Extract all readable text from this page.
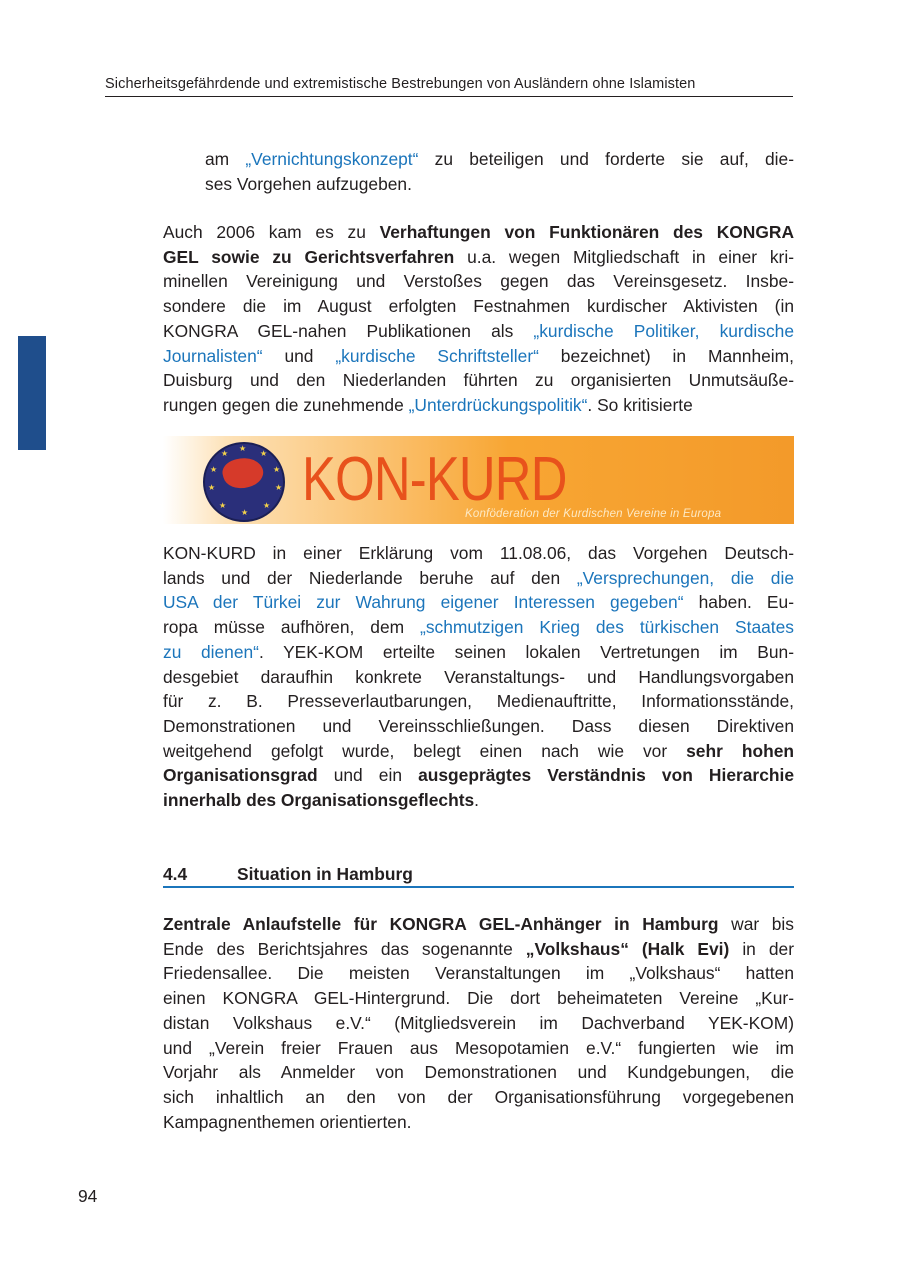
Sicherheitsgefährdende und extremistische Bestrebungen von Ausländern ohne Islamisten
am „Vernichtungskonzept“ zu beteiligen und forderte sie auf, die-
ses Vorgehen aufzugeben.
Auch 2006 kam es zu Verhaftungen von Funktionären des KONGRA
GEL sowie zu Gerichtsverfahren u.a. wegen Mitgliedschaft in einer kri-
minellen Vereinigung und Verstoßes gegen das Vereinsgesetz. Insbe-
sondere die im August erfolgten Festnahmen kurdischer Aktivisten (in
KONGRA GEL-nahen Publikationen als „kurdische Politiker, kurdische
Journalisten“ und „kurdische Schriftsteller“ bezeichnet) in Mannheim,
Duisburg und den Niederlanden führten zu organisierten Unmutsäuße-
rungen gegen die zunehmende „Unterdrückungspolitik“. So kritisierte
★
★
★
★
★
★
★
★
★
★ KON-KURD
Konföderation der Kurdischen Vereine in Europa
KON-KURD in einer Erklärung vom 11.08.06, das Vorgehen Deutsch-
lands und der Niederlande beruhe auf den „Versprechungen, die die
USA der Türkei zur Wahrung eigener Interessen gegeben“ haben. Eu-
ropa müsse aufhören, dem „schmutzigen Krieg des türkischen Staates
zu dienen“. YEK-KOM erteilte seinen lokalen Vertretungen im Bun-
desgebiet daraufhin konkrete Veranstaltungs- und Handlungsvorgaben
für z. B. Presseverlautbarungen, Medienauftritte, Informationsstände,
Demonstrationen und Vereinsschließungen. Dass diesen Direktiven
weitgehend gefolgt wurde, belegt einen nach wie vor sehr hohen
Organisationsgrad und ein ausgeprägtes Verständnis von Hierarchie
innerhalb des Organisationsgeflechts.
4.4	Situation in Hamburg
Zentrale Anlaufstelle für KONGRA GEL-Anhänger in Hamburg war bis
Ende des Berichtsjahres das sogenannte „Volkshaus“ (Halk Evi) in der
Friedensallee. Die meisten Veranstaltungen im „Volkshaus“ hatten
einen KONGRA GEL-Hintergrund. Die dort beheimateten Vereine „Kur-
distan Volkshaus e.V.“ (Mitgliedsverein im Dachverband YEK-KOM)
und „Verein freier Frauen aus Mesopotamien e.V.“ fungierten wie im
Vorjahr als Anmelder von Demonstrationen und Kundgebungen, die
sich inhaltlich an den von der Organisationsführung vorgegebenen
Kampagnenthemen orientierten.
94
